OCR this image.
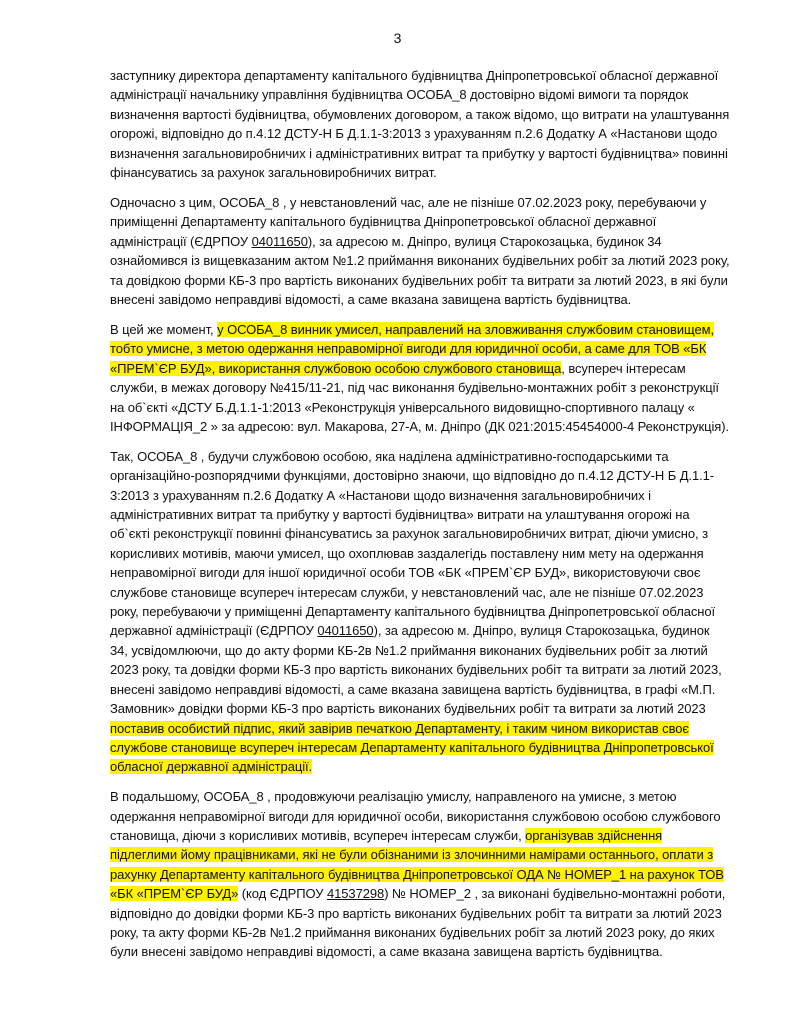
3

заступнику директора департаменту капітального будівництва Дніпропетровської обласної державної адміністрації начальнику управління будівництва ОСОБА_8 достовірно відомі вимоги та порядок визначення вартості будівництва, обумовлених договором, а також відомо, що витрати на улаштування огорожі, відповідно до п.4.12 ДСТУ-Н Б Д.1.1-3:2013 з урахуванням п.2.6 Додатку А «Настанови щодо визначення загальновиробничих і адміністративних витрат та прибутку у вартості будівництва» повинні фінансуватись за рахунок загальновиробничих витрат.

Одночасно з цим, ОСОБА_8 , у невстановлений час, але не пізніше 07.02.2023 року, перебуваючи у приміщенні Департаменту капітального будівництва Дніпропетровської обласної державної адміністрації (ЄДРПОУ 04011650), за адресою м. Дніпро, вулиця Старокозацька, будинок 34 ознайомився із вищевказаним актом №1.2 приймання виконаних будівельних робіт за лютий 2023 року, та довідкою форми КБ-3 про вартість виконаних будівельних робіт та витрати за лютий 2023, в які були внесені завідомо неправдиві відомості, а саме вказана завищена вартість будівництва.

В цей же момент, у ОСОБА_8 винник умисел, направлений на зловживання службовим становищем, тобто умисне, з метою одержання неправомірної вигоди для юридичної особи, а саме для ТОВ «БК «ПРЕМ`ЄР БУД», використання службовою особою службового становища, всупереч інтересам служби, в межах договору №415/11-21, під час виконання будівельно-монтажних робіт з реконструкції на об`єкті «ДСТУ Б.Д.1.1-1:2013 «Реконструкція універсального видовищно-спортивного палацу « ІНФОРМАЦІЯ_2 » за адресою: вул. Макарова, 27-А, м. Дніпро (ДК 021:2015:45454000-4 Реконструкція).

Так, ОСОБА_8 , будучи службовою особою, яка наділена адміністративно-господарськими та організаційно-розпорядчими функціями, достовірно знаючи, що відповідно до п.4.12 ДСТУ-Н Б Д.1.1-3:2013 з урахуванням п.2.6 Додатку А «Настанови щодо визначення загальновиробничих і адміністративних витрат та прибутку у вартості будівництва» витрати на улаштування огорожі на об`єкті реконструкції повинні фінансуватись за рахунок загальновиробничих витрат, діючи умисно, з корисливих мотивів, маючи умисел, що охоплював заздалегідь поставлену ним мету на одержання неправомірної вигоди для іншої юридичної особи ТОВ «БК «ПРЕМ`ЄР БУД», використовуючи своє службове становище всупереч інтересам служби, у невстановлений час, але не пізніше 07.02.2023 року, перебуваючи у приміщенні Департаменту капітального будівництва Дніпропетровської обласної державної адміністрації (ЄДРПОУ 04011650), за адресою м. Дніпро, вулиця Старокозацька, будинок 34, усвідомлюючи, що до акту форми КБ-2в №1.2 приймання виконаних будівельних робіт за лютий 2023 року, та довідки форми КБ-3 про вартість виконаних будівельних робіт та витрати за лютий 2023, внесені завідомо неправдиві відомості, а саме вказана завищена вартість будівництва, в графі «М.П. Замовник» довідки форми КБ-3 про вартість виконаних будівельних робіт та витрати за лютий 2023 поставив особистий підпис, який завірив печаткою Департаменту, і таким чином використав своє службове становище всупереч інтересам Департаменту капітального будівництва Дніпропетровської обласної державної адміністрації.

В подальшому, ОСОБА_8 , продовжуючи реалізацію умислу, направленого на умисне, з метою одержання неправомірної вигоди для юридичної особи, використання службовою особою службового становища, діючи з корисливих мотивів, всупереч інтересам служби, організував здійснення підлеглими йому працівниками, які не були обізнаними із злочинними намірами останнього, оплати з рахунку Департаменту капітального будівництва Дніпропетровської ОДА № НОМЕР_1 на рахунок ТОВ «БК «ПРЕМ`ЄР БУД» (код ЄДРПОУ 41537298) № НОМЕР_2 , за виконані будівельно-монтажні роботи, відповідно до довідки форми КБ-3 про вартість виконаних будівельних робіт та витрати за лютий 2023 року, та акту форми КБ-2в №1.2 приймання виконаних будівельних робіт за лютий 2023 року, до яких були внесені завідомо неправдиві відомості, а саме вказана завищена вартість будівництва.
